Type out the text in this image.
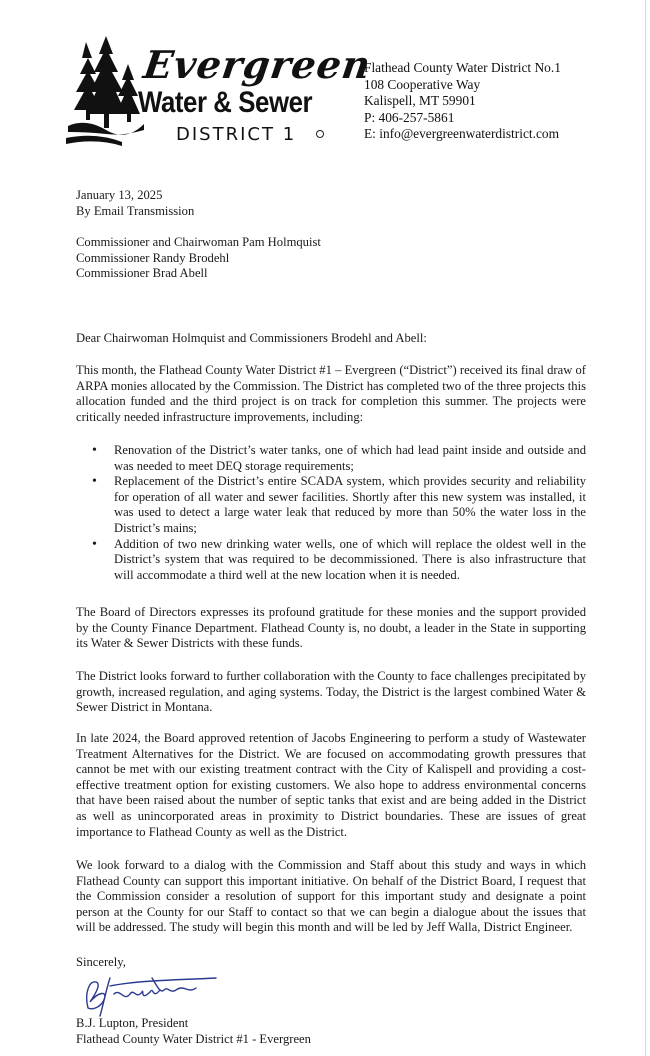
Evergreen
Water & Sewer
DISTRICT 1
Flathead County Water District No.1
108 Cooperative Way
Kalispell, MT 59901
P: 406-257-5861
E: info@evergreenwaterdistrict.com
January 13, 2025
By Email Transmission
Commissioner and Chairwoman Pam Holmquist
Commissioner Randy Brodehl
Commissioner Brad Abell
Dear Chairwoman Holmquist and Commissioners Brodehl and Abell:
This month, the Flathead County Water District #1 – Evergreen (“District”) received its final draw of ARPA monies allocated by the Commission. The District has completed two of the three projects this allocation funded and the third project is on track for completion this summer. The projects were critically needed infrastructure improvements, including:
• Renovation of the District’s water tanks, one of which had lead paint inside and outside and was needed to meet DEQ storage requirements;
• Replacement of the District’s entire SCADA system, which provides security and reliability for operation of all water and sewer facilities. Shortly after this new system was installed, it was used to detect a large water leak that reduced by more than 50% the water loss in the District’s mains;
• Addition of two new drinking water wells, one of which will replace the oldest well in the District’s system that was required to be decommissioned. There is also infrastructure that will accommodate a third well at the new location when it is needed.
The Board of Directors expresses its profound gratitude for these monies and the support provided by the County Finance Department. Flathead County is, no doubt, a leader in the State in supporting its Water & Sewer Districts with these funds.
The District looks forward to further collaboration with the County to face challenges precipitated by growth, increased regulation, and aging systems. Today, the District is the largest combined Water & Sewer District in Montana.
In late 2024, the Board approved retention of Jacobs Engineering to perform a study of Wastewater Treatment Alternatives for the District. We are focused on accommodating growth pressures that cannot be met with our existing treatment contract with the City of Kalispell and providing a cost-effective treatment option for existing customers. We also hope to address environmental concerns that have been raised about the number of septic tanks that exist and are being added in the District as well as unincorporated areas in proximity to District boundaries. These are issues of great importance to Flathead County as well as the District.
We look forward to a dialog with the Commission and Staff about this study and ways in which Flathead County can support this important initiative. On behalf of the District Board, I request that the Commission consider a resolution of support for this important study and designate a point person at the County for our Staff to contact so that we can begin a dialogue about the issues that will be addressed. The study will begin this month and will be led by Jeff Walla, District Engineer.
Sincerely,
B.J. Lupton, President
Flathead County Water District #1 - Evergreen
